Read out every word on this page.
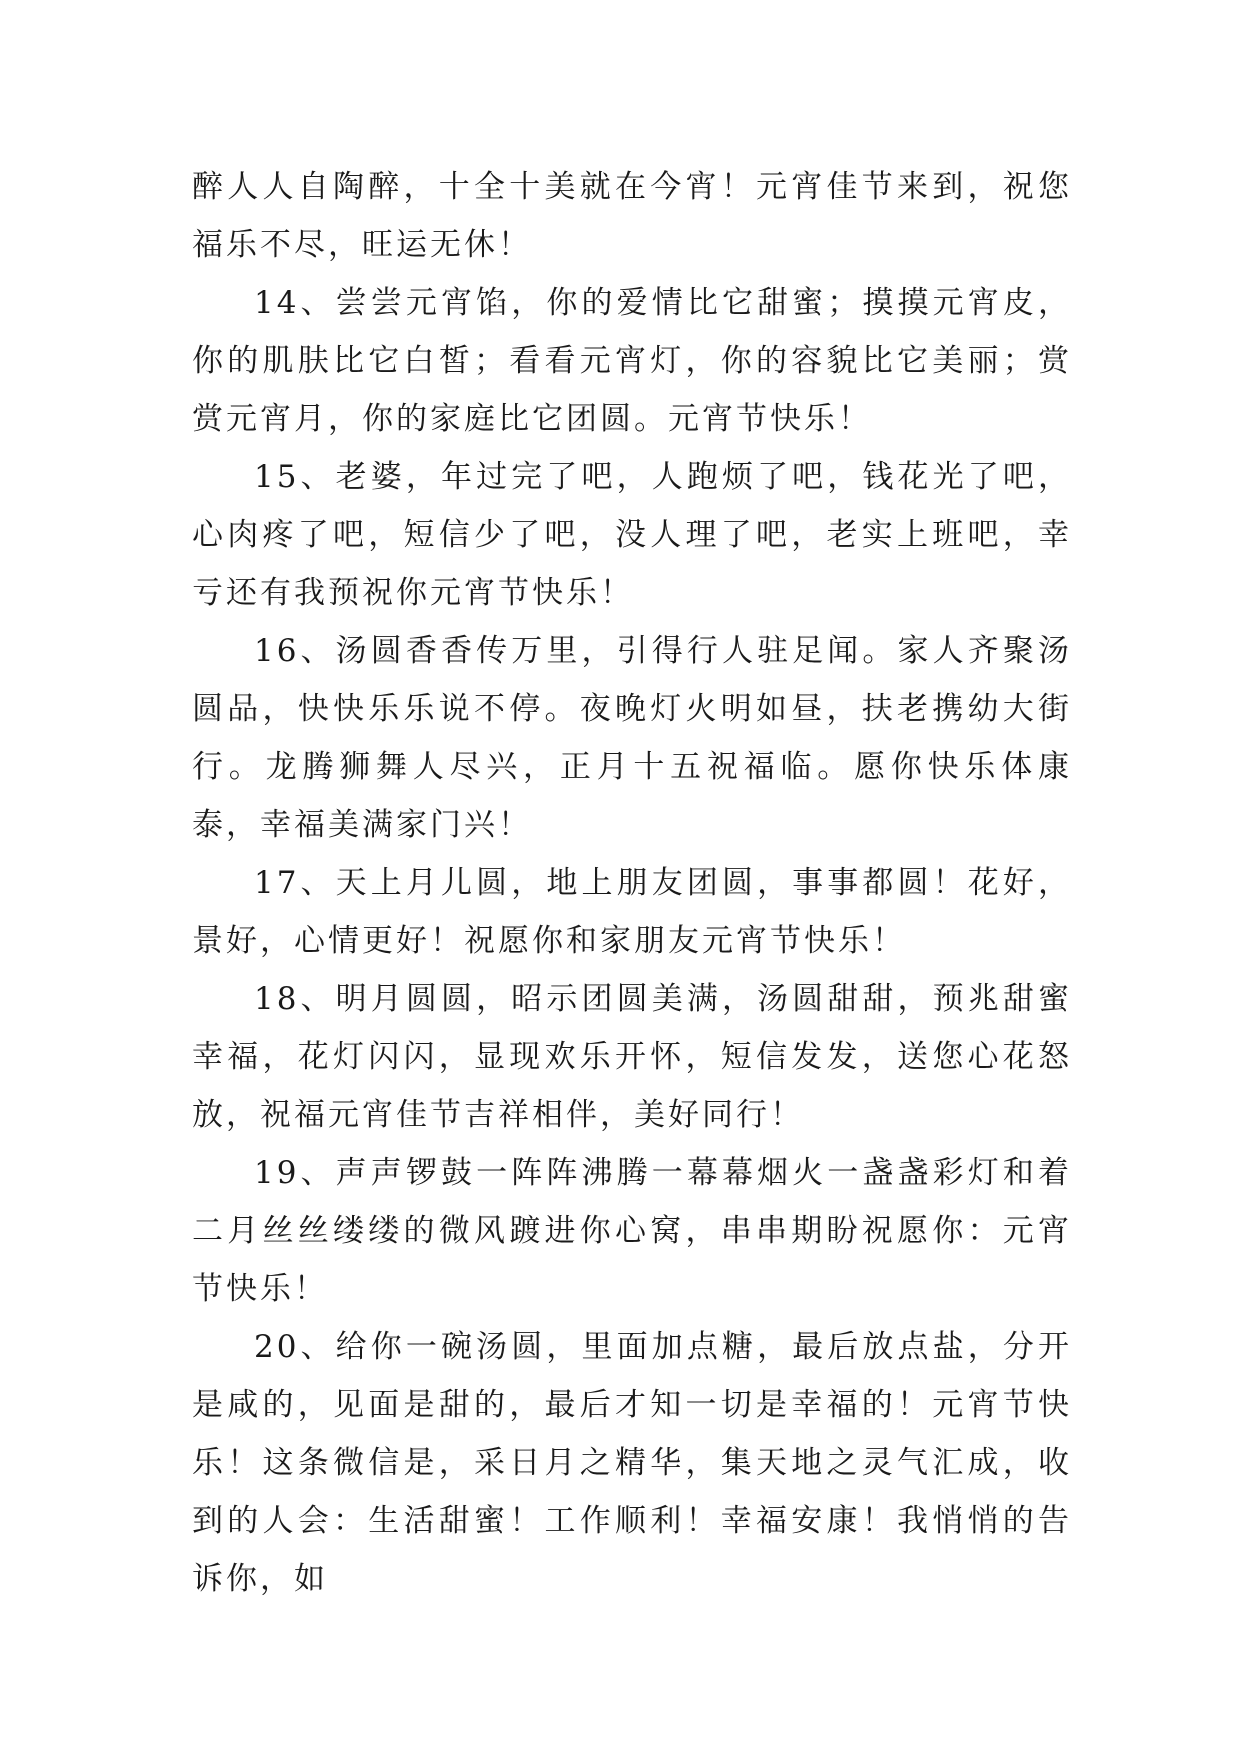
醉人人自陶醉，十全十美就在今宵！元宵佳节来到，祝您福乐不尽，旺运无休！

14、尝尝元宵馅，你的爱情比它甜蜜；摸摸元宵皮，你的肌肤比它白皙；看看元宵灯，你的容貌比它美丽；赏赏元宵月，你的家庭比它团圆。元宵节快乐！

15、老婆，年过完了吧，人跑烦了吧，钱花光了吧，心肉疼了吧，短信少了吧，没人理了吧，老实上班吧，幸亏还有我预祝你元宵节快乐！

16、汤圆香香传万里，引得行人驻足闻。家人齐聚汤圆品，快快乐乐说不停。夜晚灯火明如昼，扶老携幼大街行。龙腾狮舞人尽兴，正月十五祝福临。愿你快乐体康泰，幸福美满家门兴！

17、天上月儿圆，地上朋友团圆，事事都圆！花好，景好，心情更好！祝愿你和家朋友元宵节快乐！

18、明月圆圆，昭示团圆美满，汤圆甜甜，预兆甜蜜幸福，花灯闪闪，显现欢乐开怀，短信发发，送您心花怒放，祝福元宵佳节吉祥相伴，美好同行！

19、声声锣鼓一阵阵沸腾一幕幕烟火一盏盏彩灯和着二月丝丝缕缕的微风踱进你心窝，串串期盼祝愿你：元宵节快乐！

20、给你一碗汤圆，里面加点糖，最后放点盐，分开是咸的，见面是甜的，最后才知一切是幸福的！元宵节快乐！这条微信是，采日月之精华，集天地之灵气汇成，收到的人会：生活甜蜜！工作顺利！幸福安康！我悄悄的告诉你，如
